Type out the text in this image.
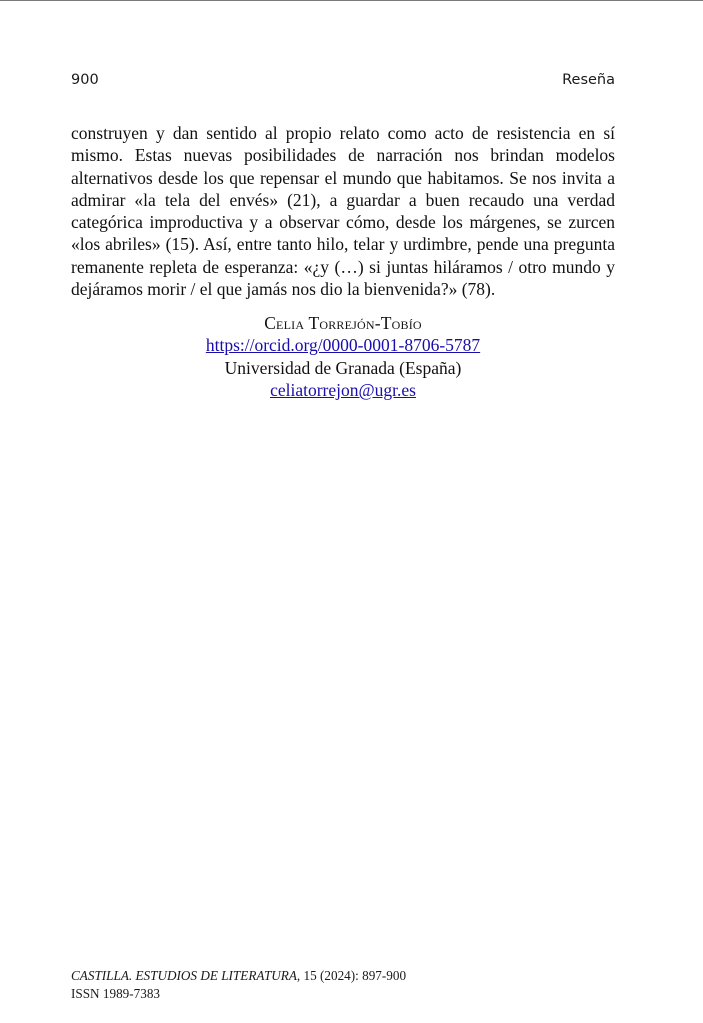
900	Reseña

construyen y dan sentido al propio relato como acto de resistencia en sí mismo. Estas nuevas posibilidades de narración nos brindan modelos alternativos desde los que repensar el mundo que habitamos. Se nos invita a admirar «la tela del envés» (21), a guardar a buen recaudo una verdad categórica improductiva y a observar cómo, desde los márgenes, se zurcen «los abriles» (15). Así, entre tanto hilo, telar y urdimbre, pende una pregunta remanente repleta de esperanza: «¿y (…) si juntas hiláramos / otro mundo y dejáramos morir / el que jamás nos dio la bienvenida?» (78).

Celia Torrejón-Tobío
https://orcid.org/0000-0001-8706-5787
Universidad de Granada (España)
celiatorrejon@ugr.es
CASTILLA. ESTUDIOS DE LITERATURA, 15 (2024): 897-900
ISSN 1989-7383
